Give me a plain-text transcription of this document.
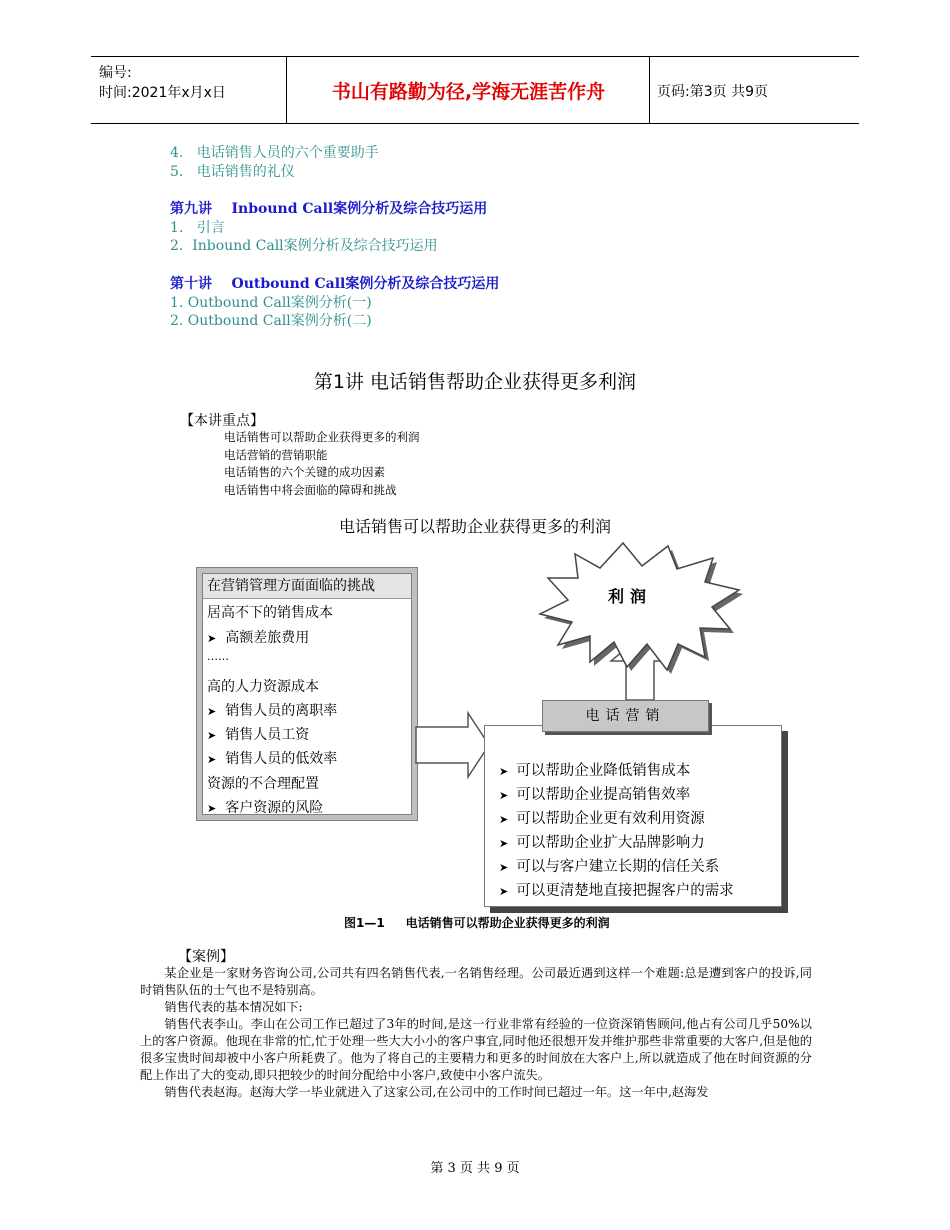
编号:
时间:2021年x月x日	书山有路勤为径,学海无涯苦作舟	页码:第3页 共9页
4.   电话销售人员的六个重要助手
5.   电话销售的礼仪
第九讲    Inbound Call案例分析及综合技巧运用
1.   引言
2.  Inbound Call案例分析及综合技巧运用
第十讲    Outbound Call案例分析及综合技巧运用
1. Outbound Call案例分析(一)
2. Outbound Call案例分析(二)
第1讲 电话销售帮助企业获得更多利润
【本讲重点】
电话销售可以帮助企业获得更多的利润
电话营销的营销职能
电话销售的六个关键的成功因素
电话销售中将会面临的障碍和挑战
电话销售可以帮助企业获得更多的利润
在营销管理方面面临的挑战
居高不下的销售成本
➤ 高额差旅费用
……
高的人力资源成本
➤ 销售人员的离职率
➤ 销售人员工资
➤ 销售人员的低效率
资源的不合理配置
➤ 客户资源的风险
利润
➤ 可以帮助企业降低销售成本
➤ 可以帮助企业提高销售效率
➤ 可以帮助企业更有效利用资源
➤ 可以帮助企业扩大品牌影响力
➤ 可以与客户建立长期的信任关系
➤ 可以更清楚地直接把握客户的需求
电话营销
图1—1     电话销售可以帮助企业获得更多的利润
【案例】

某企业是一家财务咨询公司,公司共有四名销售代表,一名销售经理。公司最近遇到这样一个难题:总是遭到客户的投诉,同时销售队伍的士气也不是特别高。

销售代表的基本情况如下:

销售代表李山。李山在公司工作已超过了3年的时间,是这一行业非常有经验的一位资深销售顾问,他占有公司几乎50%以上的客户资源。他现在非常的忙,忙于处理一些大大小小的客户事宜,同时他还很想开发并维护那些非常重要的大客户,但是他的很多宝贵时间却被中小客户所耗费了。他为了将自己的主要精力和更多的时间放在大客户上,所以就造成了他在时间资源的分配上作出了大的变动,即只把较少的时间分配给中小客户,致使中小客户流失。

销售代表赵海。赵海大学一毕业就进入了这家公司,在公司中的工作时间已超过一年。这一年中,赵海发

第 3 页 共 9 页
